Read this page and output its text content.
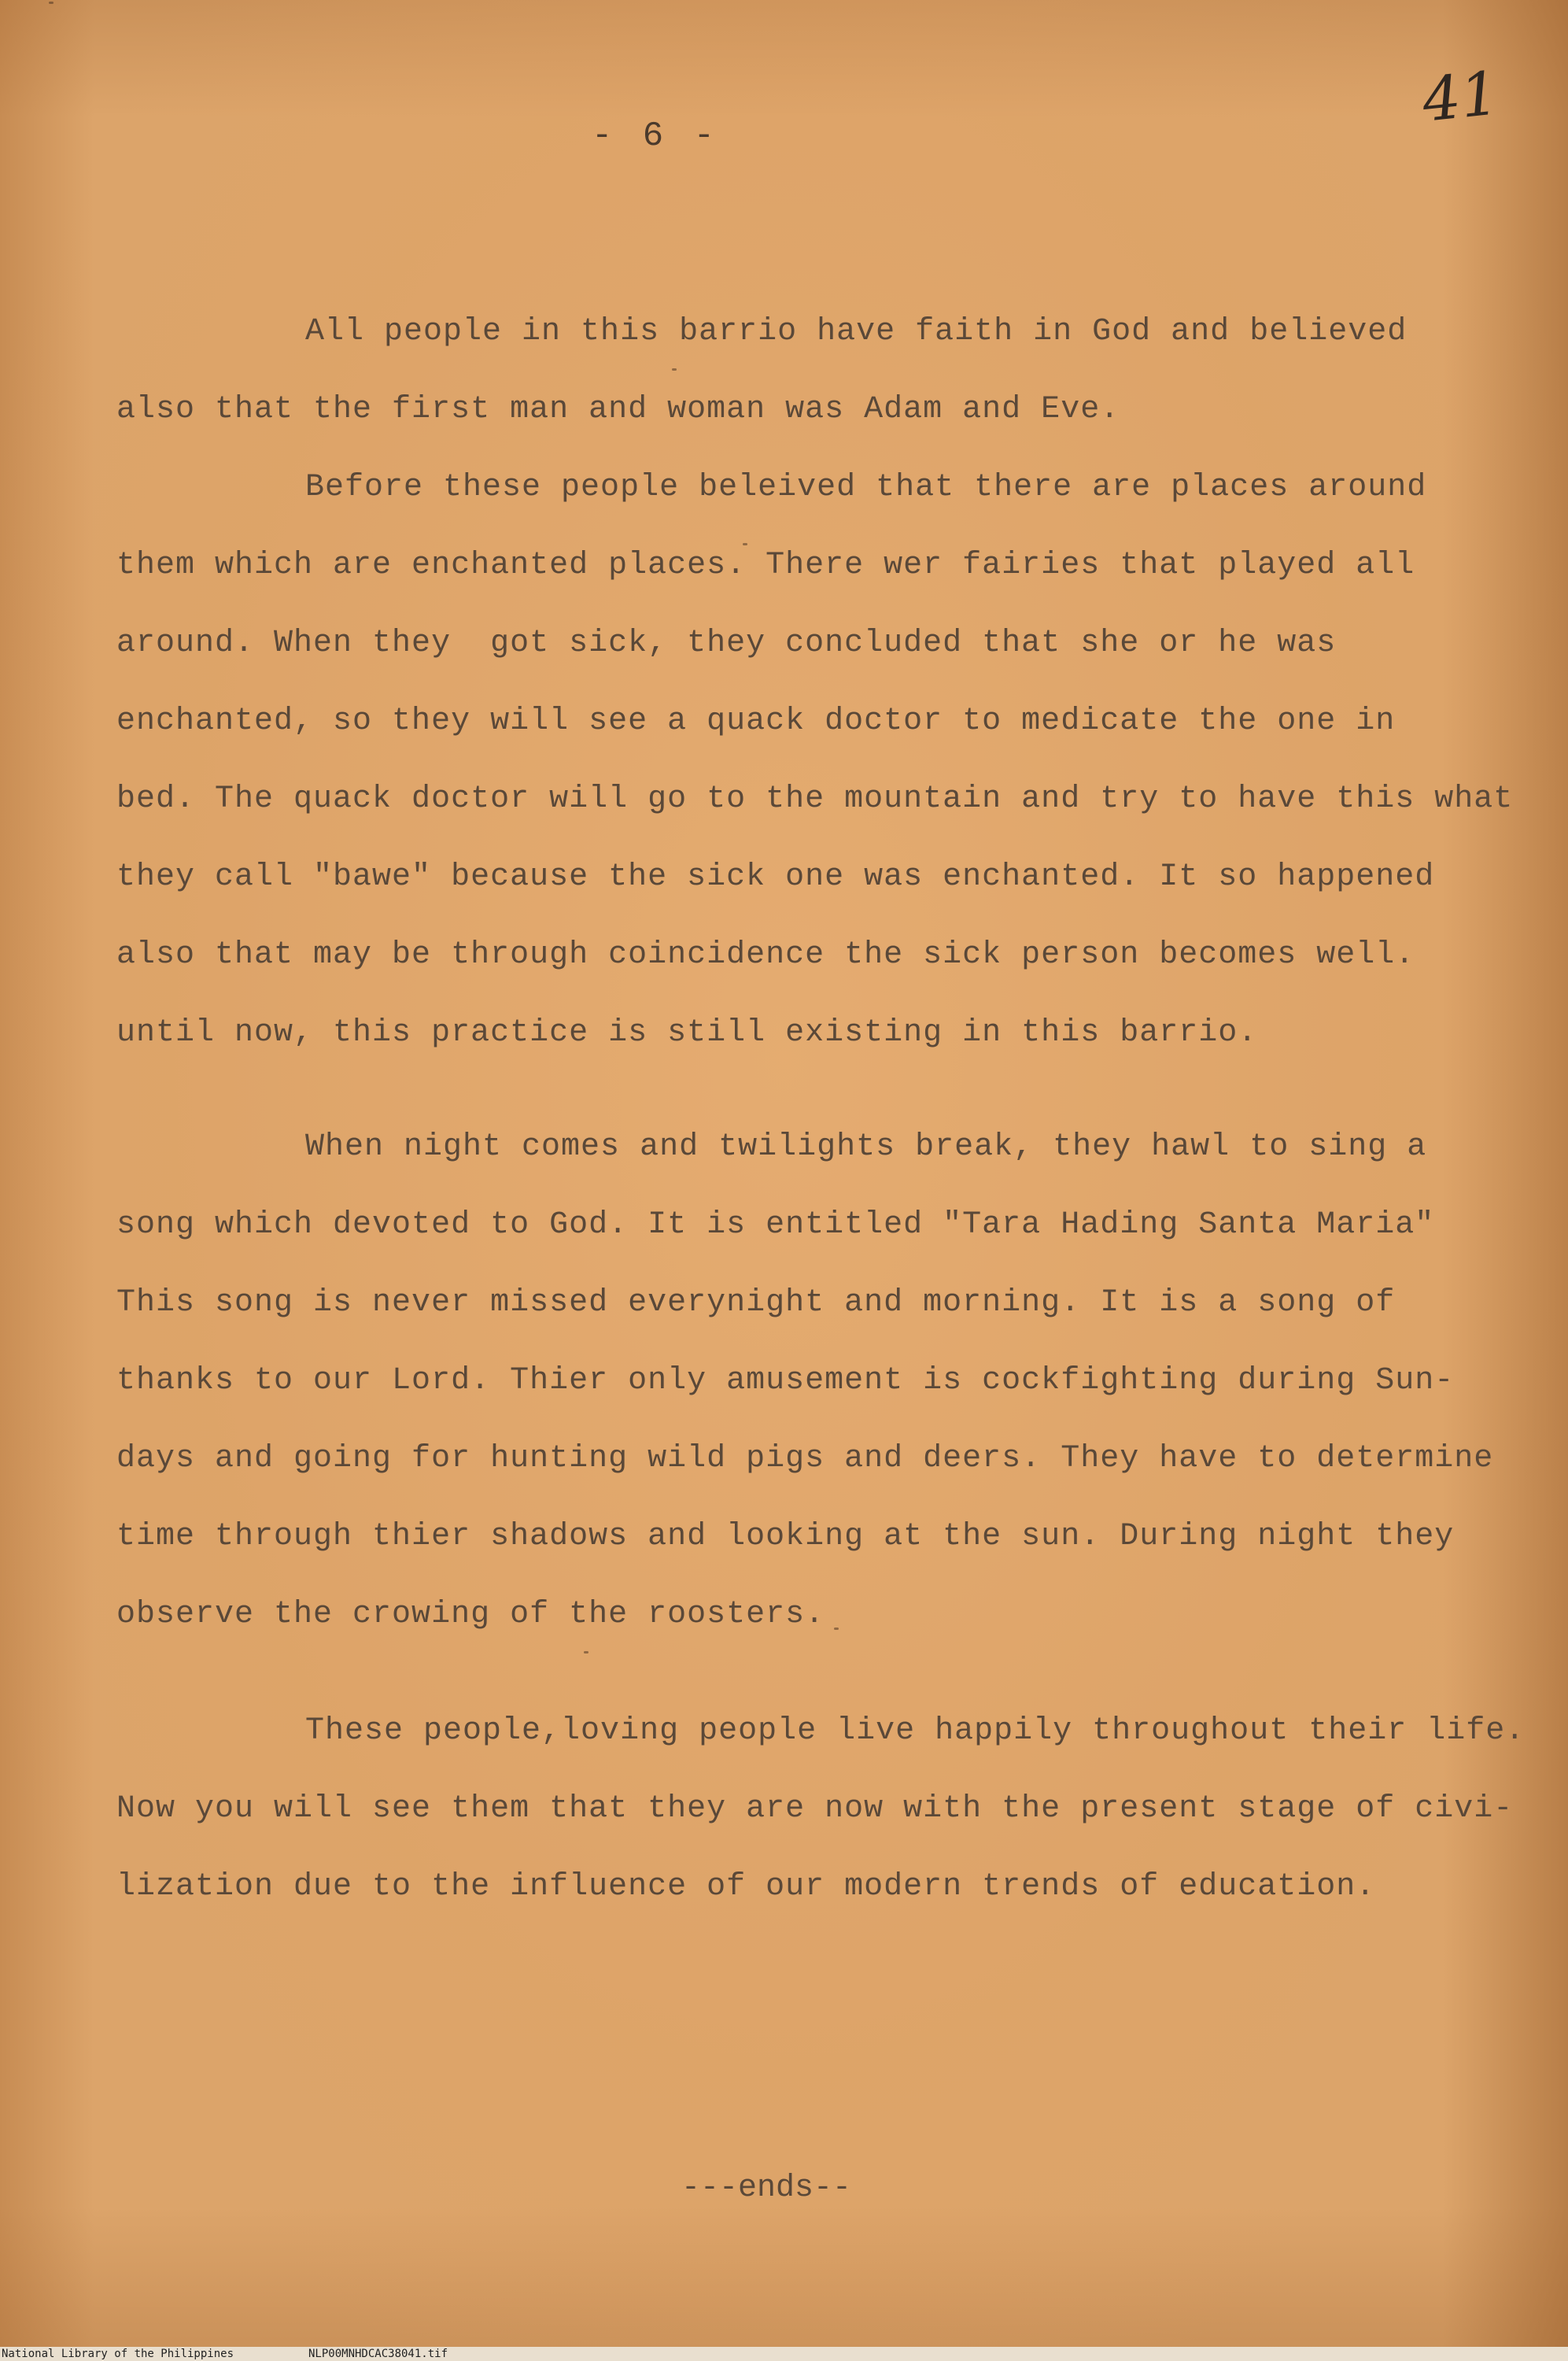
- 6 -
41
All people in this barrio have faith in God and believed
also that the first man and woman was Adam and Eve.
Before these people beleived that there are places around
them which are enchanted places. There wer fairies that played all
around. When they  got sick, they concluded that she or he was
enchanted, so they will see a quack doctor to medicate the one in
bed. The quack doctor will go to the mountain and try to have this what
they call "bawe" because the sick one was enchanted. It so happened
also that may be through coincidence the sick person becomes well.
until now, this practice is still existing in this barrio.
When night comes and twilights break, they hawl to sing a
song which devoted to God. It is entitled "Tara Hading Santa Maria"
This song is never missed everynight and morning. It is a song of
thanks to our Lord. Thier only amusement is cockfighting during Sun-
days and going for hunting wild pigs and deers. They have to determine
time through thier shadows and looking at the sun. During night they
observe the crowing of the roosters.
These people,loving people live happily throughout their life.
Now you will see them that they are now with the present stage of civi-
lization due to the influence of our modern trends of education.
---ends--
National Library of the Philippines	NLP00MNHDCAC38041.tif
